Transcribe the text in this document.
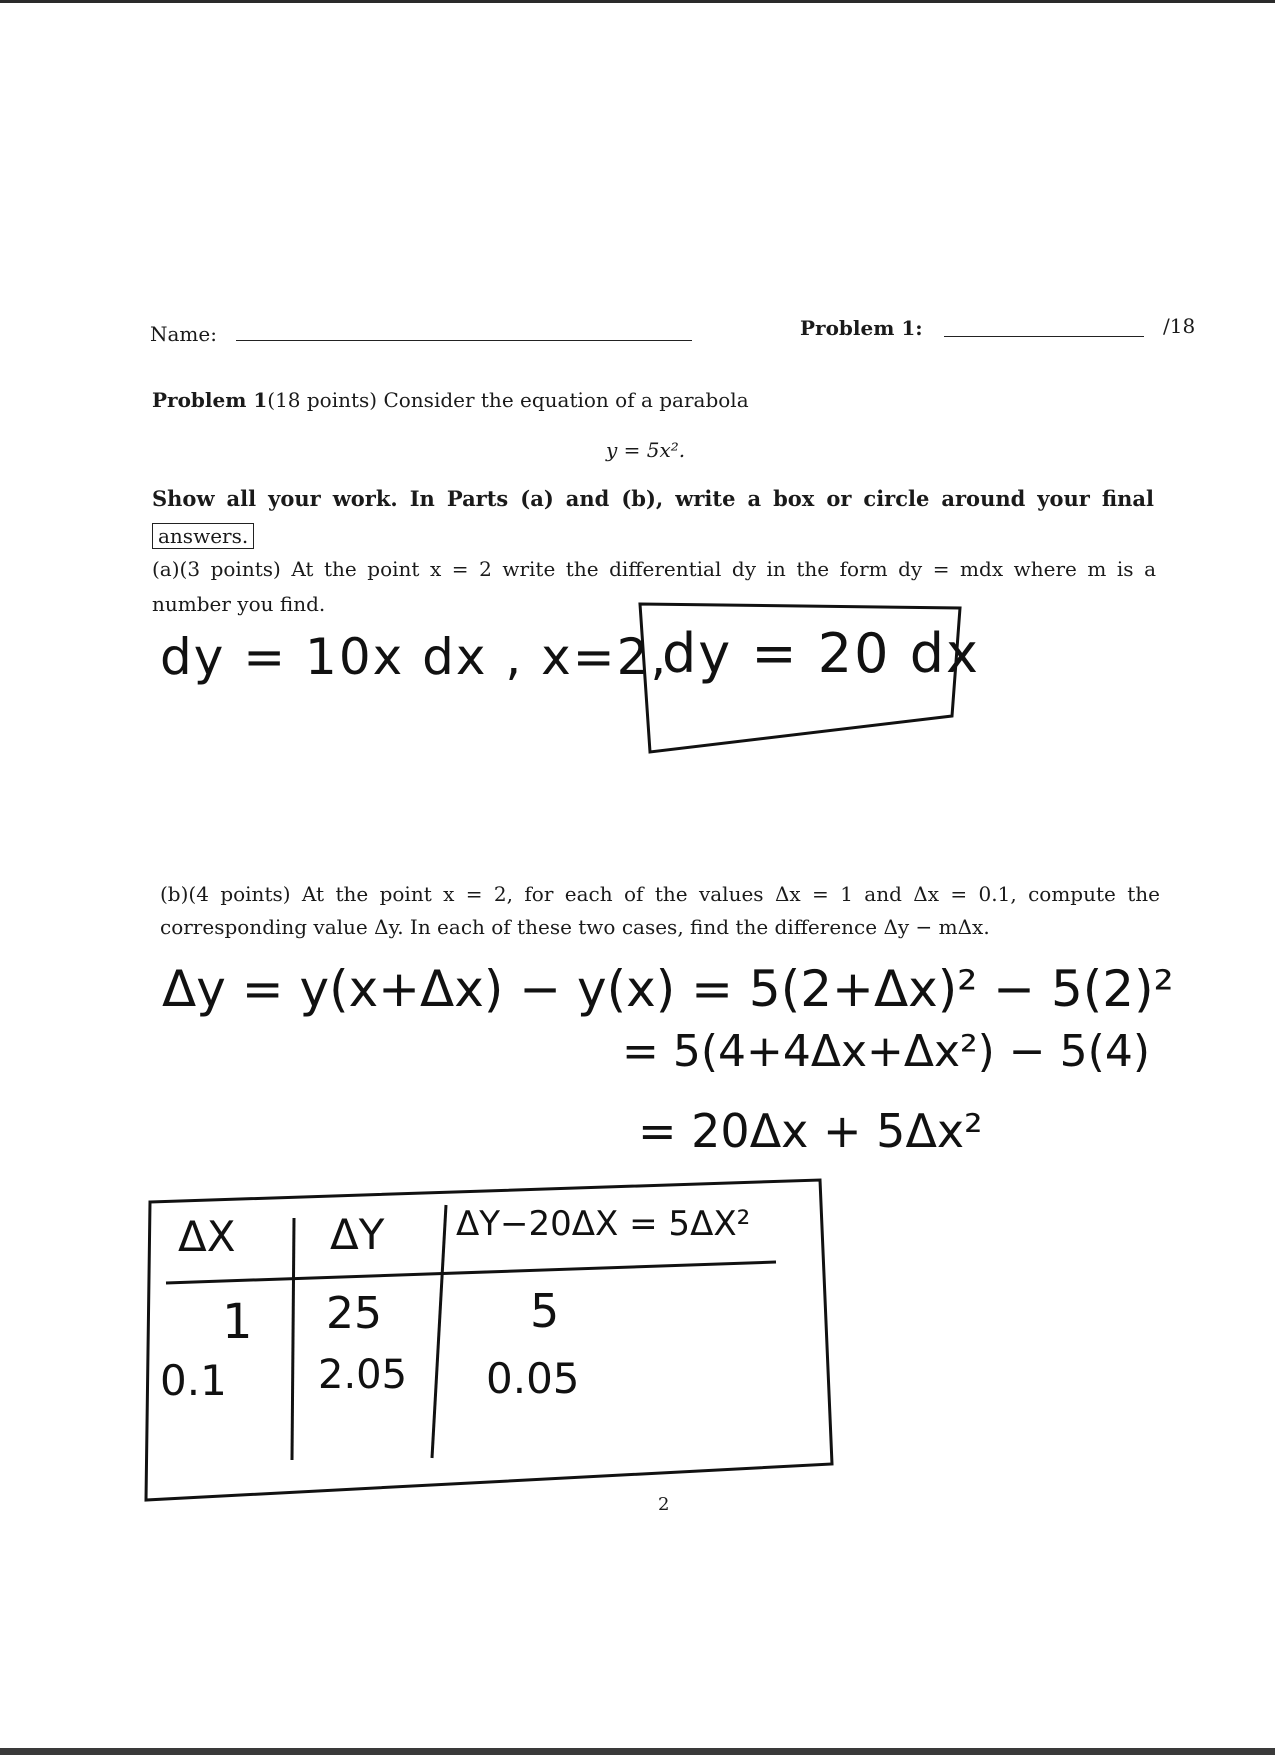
Name:	Problem 1:	/18
Problem 1(18 points) Consider the equation of a parabola
y = 5x².
Show all your work. In Parts (a) and (b), write a box or circle around your final
answers.
(a)(3 points) At the point x = 2 write the differential dy in the form dy = mdx where m is a
number you find.
dy = 10x dx , x=2,
dy = 20 dx
(b)(4 points) At the point x = 2, for each of the values Δx = 1 and Δx = 0.1, compute the
corresponding value Δy. In each of these two cases, find the difference Δy − mΔx.
Δy = y(x+Δx) − y(x) = 5(2+Δx)² − 5(2)²
= 5(4+4Δx+Δx²) − 5(4)
= 20Δx + 5Δx²
ΔX ΔY ΔY−20ΔX = 5ΔX²
1 25	5
0.1 2.05 0.05
2
